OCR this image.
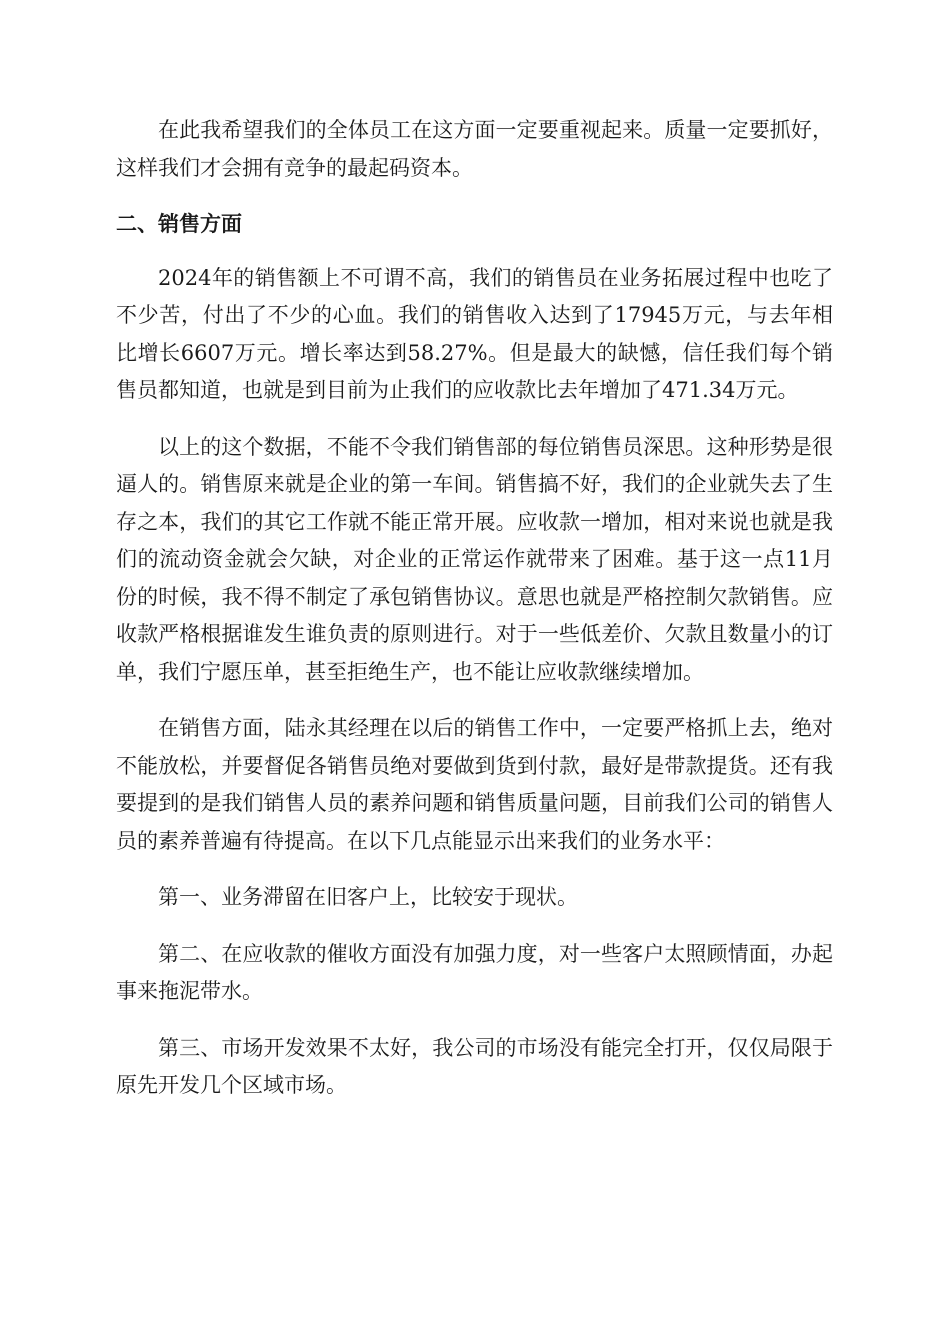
在此我希望我们的全体员工在这方面一定要重视起来。质量一定要抓好，这样我们才会拥有竞争的最起码资本。

二、销售方面

2024年的销售额上不可谓不高，我们的销售员在业务拓展过程中也吃了不少苦，付出了不少的心血。我们的销售收入达到了17945万元，与去年相比增长6607万元。增长率达到58.27%。但是最大的缺憾，信任我们每个销售员都知道，也就是到目前为止我们的应收款比去年增加了471.34万元。

以上的这个数据，不能不令我们销售部的每位销售员深思。这种形势是很逼人的。销售原来就是企业的第一车间。销售搞不好，我们的企业就失去了生存之本，我们的其它工作就不能正常开展。应收款一增加，相对来说也就是我们的流动资金就会欠缺，对企业的正常运作就带来了困难。基于这一点11月份的时候，我不得不制定了承包销售协议。意思也就是严格控制欠款销售。应收款严格根据谁发生谁负责的原则进行。对于一些低差价、欠款且数量小的订单，我们宁愿压单，甚至拒绝生产，也不能让应收款继续增加。

在销售方面，陆永其经理在以后的销售工作中，一定要严格抓上去，绝对不能放松，并要督促各销售员绝对要做到货到付款，最好是带款提货。还有我要提到的是我们销售人员的素养问题和销售质量问题，目前我们公司的销售人员的素养普遍有待提高。在以下几点能显示出来我们的业务水平：

第一、业务滞留在旧客户上，比较安于现状。

第二、在应收款的催收方面没有加强力度，对一些客户太照顾情面，办起事来拖泥带水。

第三、市场开发效果不太好，我公司的市场没有能完全打开，仅仅局限于原先开发几个区域市场。
